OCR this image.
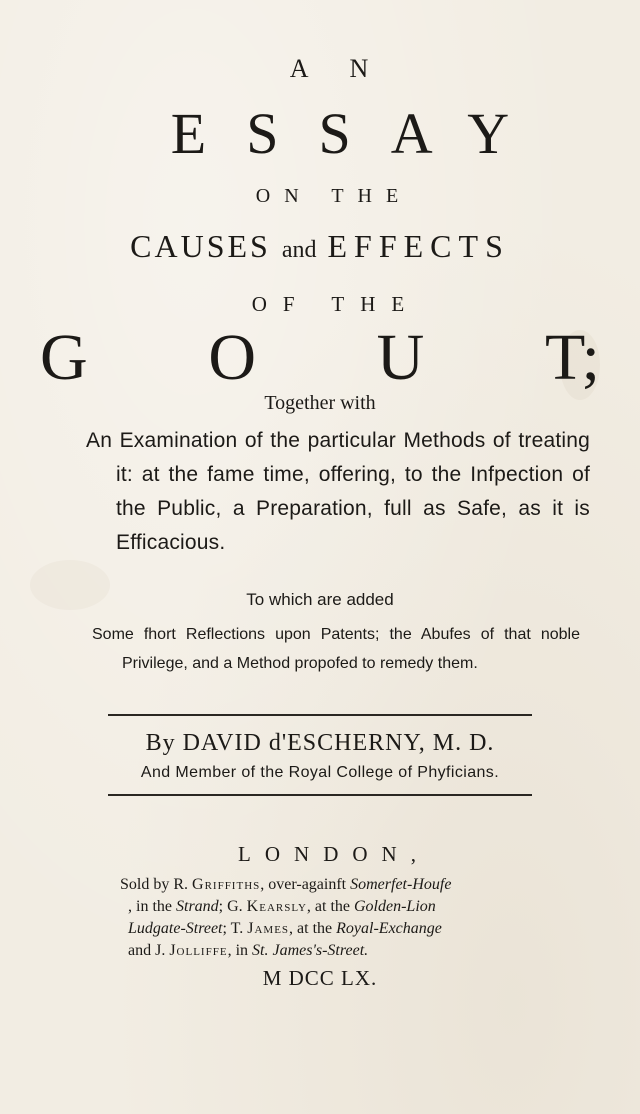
A N
ESSAY
ON THE
CAUSES and EFFECTS
OF THE
G O U T;
Together with
An Examination of the particular Methods of treating it: at the fame time, offering, to the Infpection of the Public, a Preparation, full as Safe, as it is Efficacious.
To which are added
Some fhort Reflections upon Patents; the Abufes of that noble Privilege, and a Method propofed to remedy them.
By DAVID d'ESCHERNY, M. D.
And Member of the Royal College of Phyficians.
LONDON,
Sold by R. Griffiths, over-againft Somerfet-Houfe
, in the Strand; G. Kearsly, at the Golden-Lion
Ludgate-Street; T. James, at the Royal-Exchange
and J. Jolliffe, in St. James's-Street.
M DCC LX.
